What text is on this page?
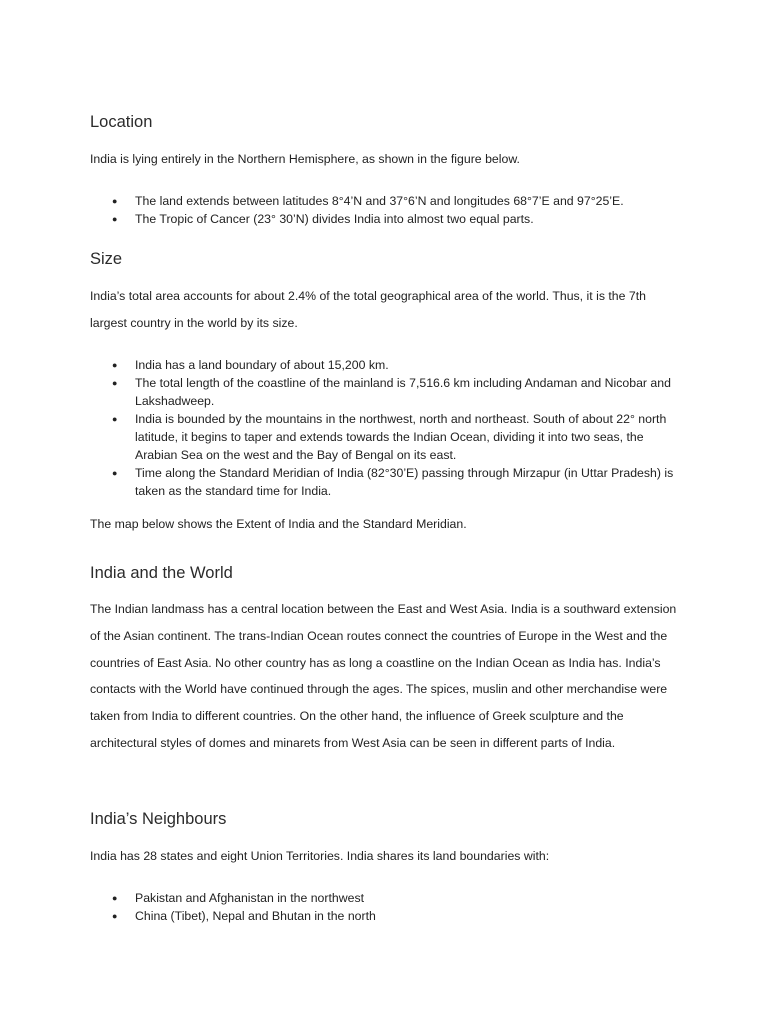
Location

India is lying entirely in the Northern Hemisphere, as shown in the figure below.

● The land extends between latitudes 8°4’N and 37°6’N and longitudes 68°7’E and 97°25’E.
● The Tropic of Cancer (23° 30’N) divides India into almost two equal parts.
Size

India’s total area accounts for about 2.4% of the total geographical area of the world. Thus, it is the 7th largest country in the world by its size.

● India has a land boundary of about 15,200 km.
● The total length of the coastline of the mainland is 7,516.6 km including Andaman and Nicobar and Lakshadweep.
● India is bounded by the mountains in the northwest, north and northeast. South of about 22° north latitude, it begins to taper and extends towards the Indian Ocean, dividing it into two seas, the Arabian Sea on the west and the Bay of Bengal on its east.
● Time along the Standard Meridian of India (82°30’E) passing through Mirzapur (in Uttar Pradesh) is taken as the standard time for India.

The map below shows the Extent of India and the Standard Meridian.

India and the World

The Indian landmass has a central location between the East and West Asia. India is a southward extension of the Asian continent. The trans-Indian Ocean routes connect the countries of Europe in the West and the countries of East Asia. No other country has as long a coastline on the Indian Ocean as India has. India’s contacts with the World have continued through the ages. The spices, muslin and other merchandise were taken from India to different countries. On the other hand, the influence of Greek sculpture and the architectural styles of domes and minarets from West Asia can be seen in different parts of India.

India’s Neighbours

India has 28 states and eight Union Territories. India shares its land boundaries with:

● Pakistan and Afghanistan in the northwest
● China (Tibet), Nepal and Bhutan in the north
